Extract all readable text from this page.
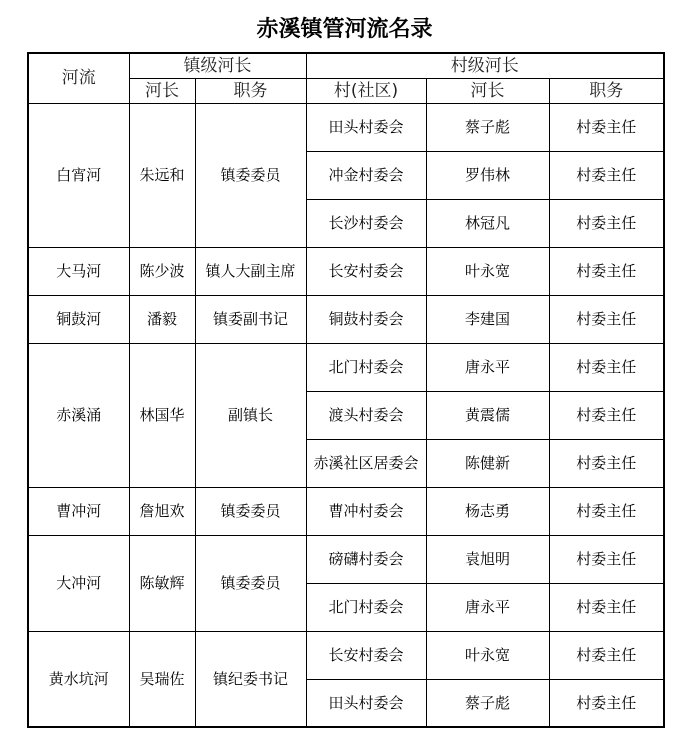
赤溪镇管河流名录
河流	镇级河长		村级河长		
	河长	职务	村(社区)	河长	职务
白宵河	朱远和	镇委委员	田头村委会	蔡子彪	村委主任
			冲金村委会	罗伟林	村委主任
			长沙村委会	林冠凡	村委主任
大马河	陈少波	镇人大副主席	长安村委会	叶永宽	村委主任
铜鼓河	潘毅	镇委副书记	铜鼓村委会	李建国	村委主任
赤溪涌	林国华	副镇长	北门村委会	唐永平	村委主任
			渡头村委会	黄震儒	村委主任
			赤溪社区居委会	陈健新	村委主任
曹冲河	詹旭欢	镇委委员	曹冲村委会	杨志勇	村委主任
大冲河	陈敏辉	镇委委员	磅礴村委会	袁旭明	村委主任
			北门村委会	唐永平	村委主任
黄水坑河	吴瑞佐	镇纪委书记	长安村委会	叶永宽	村委主任
			田头村委会	蔡子彪	村委主任
